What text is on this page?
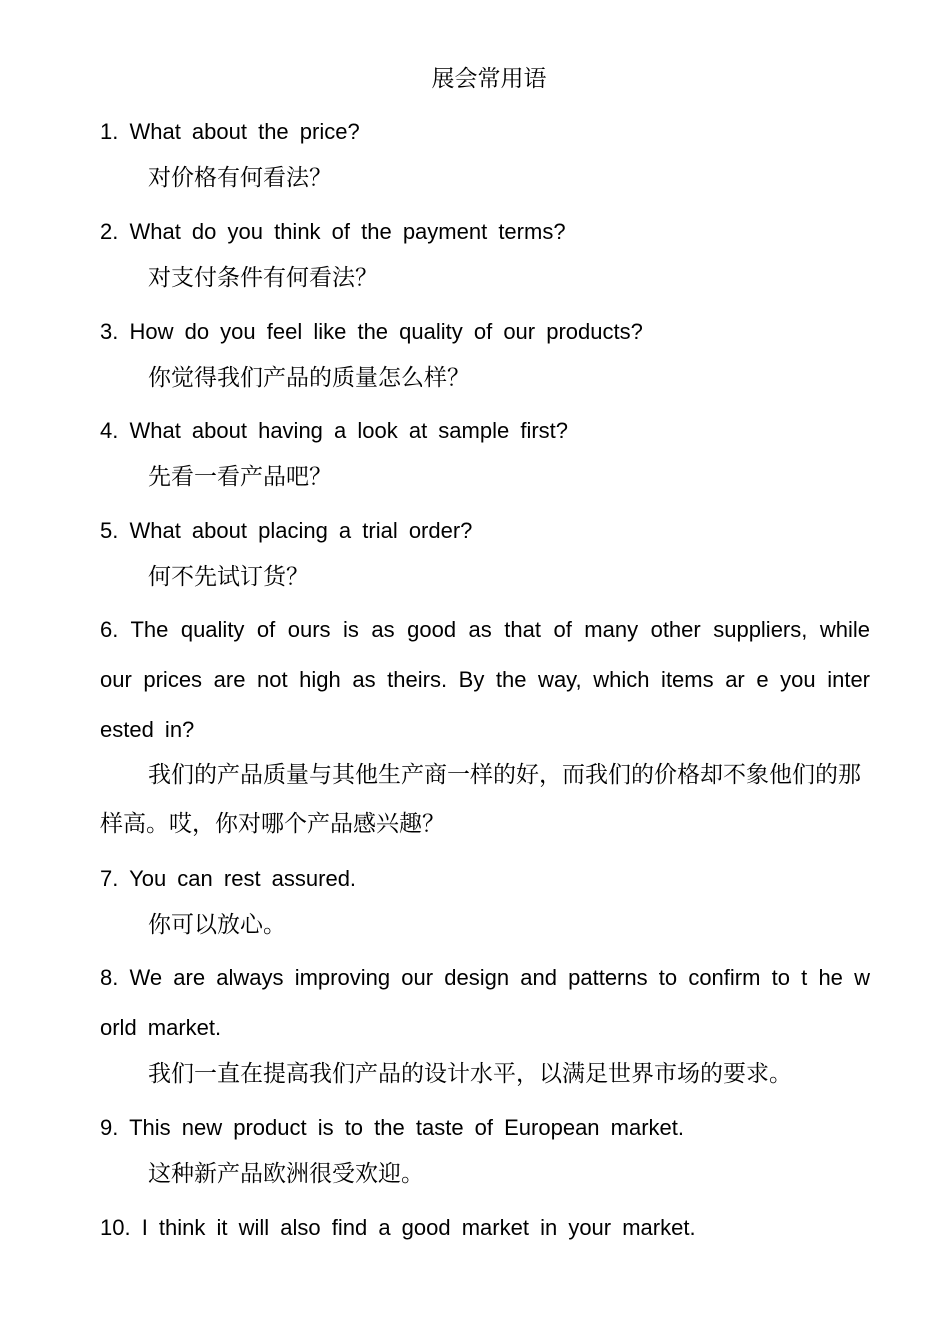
展会常用语
1. What about the price?
对价格有何看法？
2. What do you think of the payment terms?
对支付条件有何看法？
3. How do you feel like the quality of our products?
你觉得我们产品的质量怎么样？
4. What about having a look at sample first?
先看一看产品吧？
5. What about placing a trial order?
何不先试订货？
6. The quality of ours is as good as that of many other suppliers, while our prices are not high as theirs. By the way, which items ar e you interested in?
我们的产品质量与其他生产商一样的好，而我们的价格却不象他们的那样高。哎，你对哪个产品感兴趣？
7. You can rest assured.
你可以放心。
8. We are always improving our design and patterns to confirm to t he world market.
我们一直在提高我们产品的设计水平，以满足世界市场的要求。
9. This new product is to the taste of European market.
这种新产品欧洲很受欢迎。
10. I think it will also find a good market in your market.
